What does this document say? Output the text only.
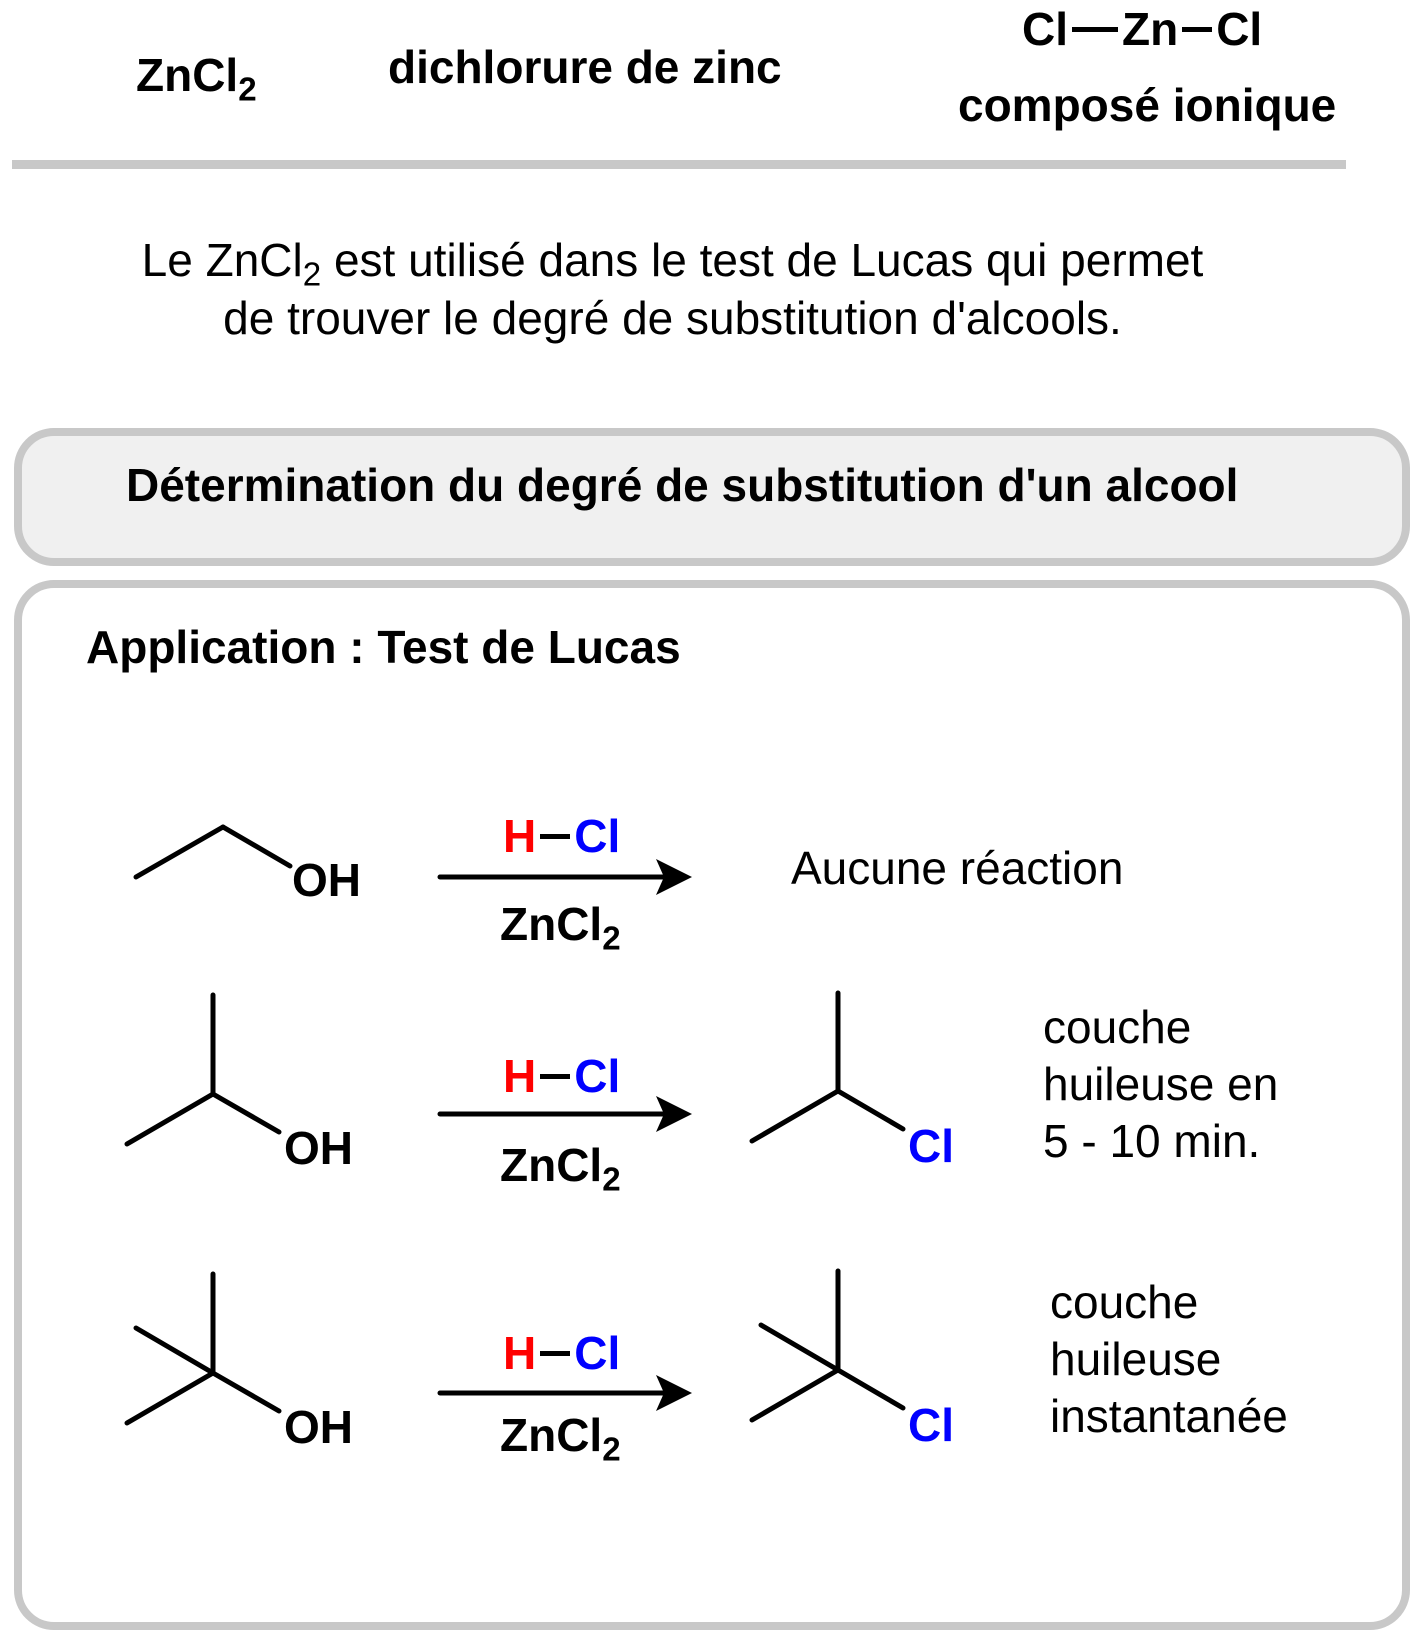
ZnCl$_2$	dichlorure de zinc
Cl Zn Cl
composé ionique
Le ZnCl$_2$ est utilisé dans le test de Lucas qui permet
de trouver le degré de substitution d'alcools.
Détermination du degré de substitution d'un alcool
Application : Test de Lucas
OH
H Cl
ZnCl$_2$
Aucune réaction
OH
H Cl
ZnCl$_2$
Cl
couche
huileuse en
5 - 10 min.
OH
H Cl
ZnCl$_2$	Cl
couche
huileuse
instantanée
